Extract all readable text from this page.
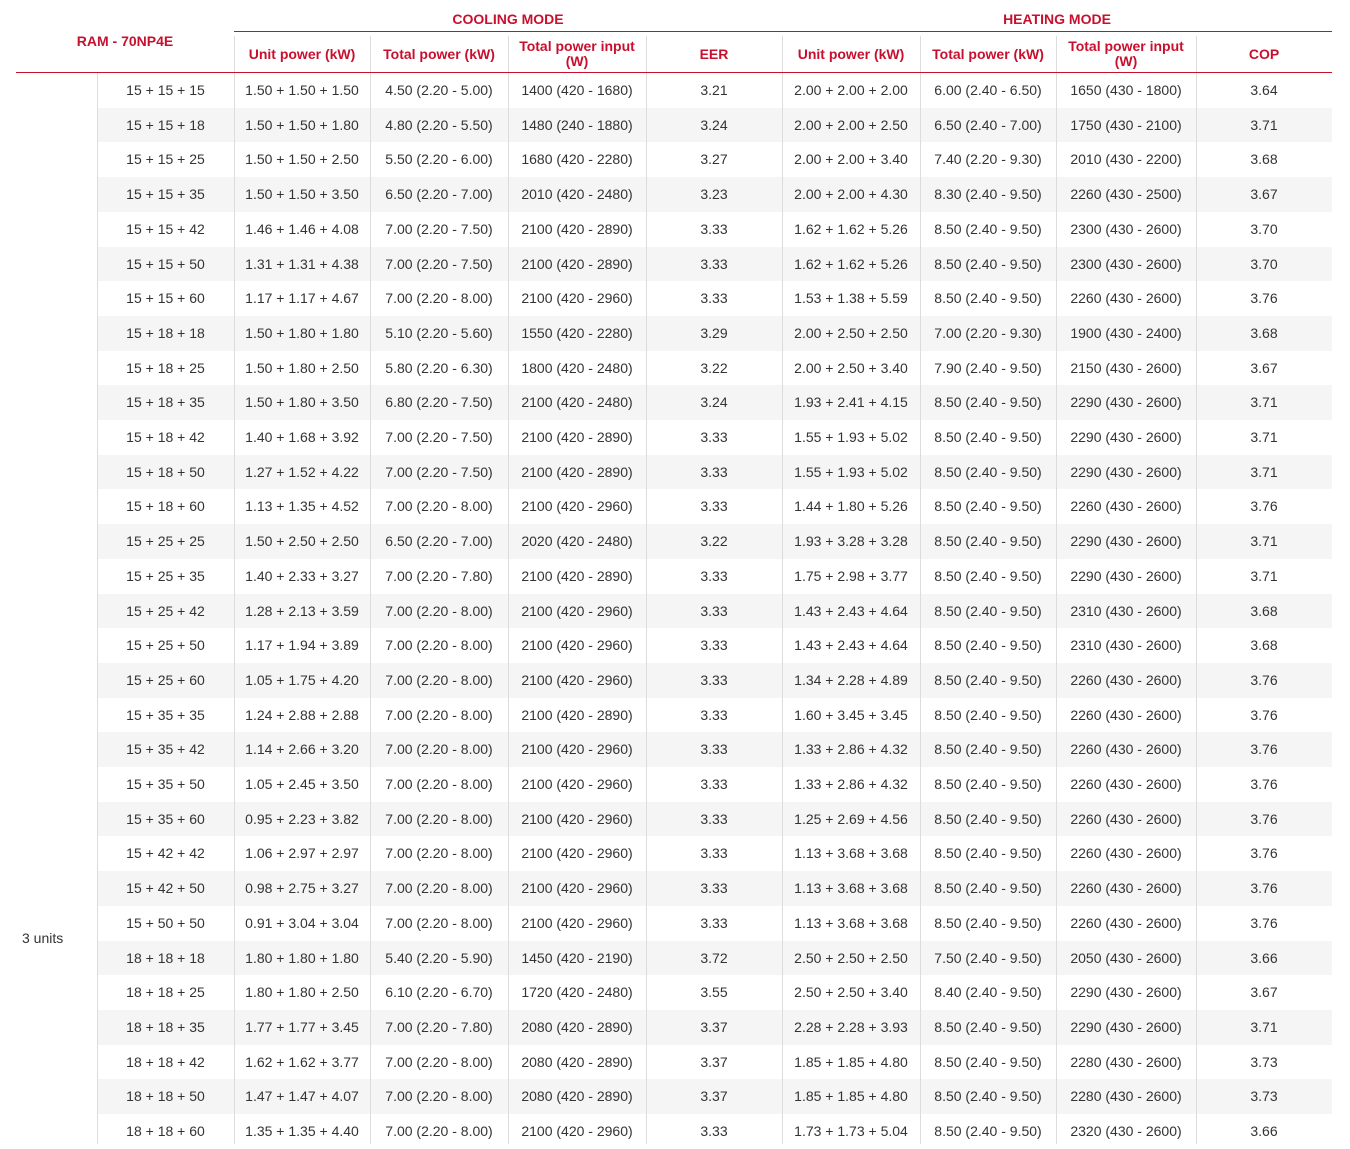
RAM - 70NP4E
COOLING MODE	HEATING MODE
Unit power (kW)	Total power (kW)	Total power input (W)	EER	Unit power (kW)	Total power (kW)	Total power input (W)	COP
15 + 15 + 15	1.50 + 1.50 + 1.50	4.50 (2.20 - 5.00)	1400 (420 - 1680)	3.21	2.00 + 2.00 + 2.00	6.00 (2.40 - 6.50)	1650 (430 - 1800)	3.64
15 + 15 + 18	1.50 + 1.50 + 1.80	4.80 (2.20 - 5.50)	1480 (240 - 1880)	3.24	2.00 + 2.00 + 2.50	6.50 (2.40 - 7.00)	1750 (430 - 2100)	3.71
15 + 15 + 25	1.50 + 1.50 + 2.50	5.50 (2.20 - 6.00)	1680 (420 - 2280)	3.27	2.00 + 2.00 + 3.40	7.40 (2.20 - 9.30)	2010 (430 - 2200)	3.68
15 + 15 + 35	1.50 + 1.50 + 3.50	6.50 (2.20 - 7.00)	2010 (420 - 2480)	3.23	2.00 + 2.00 + 4.30	8.30 (2.40 - 9.50)	2260 (430 - 2500)	3.67
15 + 15 + 42	1.46 + 1.46 + 4.08	7.00 (2.20 - 7.50)	2100 (420 - 2890)	3.33	1.62 + 1.62 + 5.26	8.50 (2.40 - 9.50)	2300 (430 - 2600)	3.70
15 + 15 + 50	1.31 + 1.31 + 4.38	7.00 (2.20 - 7.50)	2100 (420 - 2890)	3.33	1.62 + 1.62 + 5.26	8.50 (2.40 - 9.50)	2300 (430 - 2600)	3.70
15 + 15 + 60	1.17 + 1.17 + 4.67	7.00 (2.20 - 8.00)	2100 (420 - 2960)	3.33	1.53 + 1.38 + 5.59	8.50 (2.40 - 9.50)	2260 (430 - 2600)	3.76
15 + 18 + 18	1.50 + 1.80 + 1.80	5.10 (2.20 - 5.60)	1550 (420 - 2280)	3.29	2.00 + 2.50 + 2.50	7.00 (2.20 - 9.30)	1900 (430 - 2400)	3.68
15 + 18 + 25	1.50 + 1.80 + 2.50	5.80 (2.20 - 6.30)	1800 (420 - 2480)	3.22	2.00 + 2.50 + 3.40	7.90 (2.40 - 9.50)	2150 (430 - 2600)	3.67
15 + 18 + 35	1.50 + 1.80 + 3.50	6.80 (2.20 - 7.50)	2100 (420 - 2480)	3.24	1.93 + 2.41 + 4.15	8.50 (2.40 - 9.50)	2290 (430 - 2600)	3.71
15 + 18 + 42	1.40 + 1.68 + 3.92	7.00 (2.20 - 7.50)	2100 (420 - 2890)	3.33	1.55 + 1.93 + 5.02	8.50 (2.40 - 9.50)	2290 (430 - 2600)	3.71
15 + 18 + 50	1.27 + 1.52 + 4.22	7.00 (2.20 - 7.50)	2100 (420 - 2890)	3.33	1.55 + 1.93 + 5.02	8.50 (2.40 - 9.50)	2290 (430 - 2600)	3.71
15 + 18 + 60	1.13 + 1.35 + 4.52	7.00 (2.20 - 8.00)	2100 (420 - 2960)	3.33	1.44 + 1.80 + 5.26	8.50 (2.40 - 9.50)	2260 (430 - 2600)	3.76
15 + 25 + 25	1.50 + 2.50 + 2.50	6.50 (2.20 - 7.00)	2020 (420 - 2480)	3.22	1.93 + 3.28 + 3.28	8.50 (2.40 - 9.50)	2290 (430 - 2600)	3.71
15 + 25 + 35	1.40 + 2.33 + 3.27	7.00 (2.20 - 7.80)	2100 (420 - 2890)	3.33	1.75 + 2.98 + 3.77	8.50 (2.40 - 9.50)	2290 (430 - 2600)	3.71
15 + 25 + 42	1.28 + 2.13 + 3.59	7.00 (2.20 - 8.00)	2100 (420 - 2960)	3.33	1.43 + 2.43 + 4.64	8.50 (2.40 - 9.50)	2310 (430 - 2600)	3.68
15 + 25 + 50	1.17 + 1.94 + 3.89	7.00 (2.20 - 8.00)	2100 (420 - 2960)	3.33	1.43 + 2.43 + 4.64	8.50 (2.40 - 9.50)	2310 (430 - 2600)	3.68
15 + 25 + 60	1.05 + 1.75 + 4.20	7.00 (2.20 - 8.00)	2100 (420 - 2960)	3.33	1.34 + 2.28 + 4.89	8.50 (2.40 - 9.50)	2260 (430 - 2600)	3.76
15 + 35 + 35	1.24 + 2.88 + 2.88	7.00 (2.20 - 8.00)	2100 (420 - 2890)	3.33	1.60 + 3.45 + 3.45	8.50 (2.40 - 9.50)	2260 (430 - 2600)	3.76
15 + 35 + 42	1.14 + 2.66 + 3.20	7.00 (2.20 - 8.00)	2100 (420 - 2960)	3.33	1.33 + 2.86 + 4.32	8.50 (2.40 - 9.50)	2260 (430 - 2600)	3.76
15 + 35 + 50	1.05 + 2.45 + 3.50	7.00 (2.20 - 8.00)	2100 (420 - 2960)	3.33	1.33 + 2.86 + 4.32	8.50 (2.40 - 9.50)	2260 (430 - 2600)	3.76
15 + 35 + 60	0.95 + 2.23 + 3.82	7.00 (2.20 - 8.00)	2100 (420 - 2960)	3.33	1.25 + 2.69 + 4.56	8.50 (2.40 - 9.50)	2260 (430 - 2600)	3.76
15 + 42 + 42	1.06 + 2.97 + 2.97	7.00 (2.20 - 8.00)	2100 (420 - 2960)	3.33	1.13 + 3.68 + 3.68	8.50 (2.40 - 9.50)	2260 (430 - 2600)	3.76
15 + 42 + 50	0.98 + 2.75 + 3.27	7.00 (2.20 - 8.00)	2100 (420 - 2960)	3.33	1.13 + 3.68 + 3.68	8.50 (2.40 - 9.50)	2260 (430 - 2600)	3.76
15 + 50 + 50	0.91 + 3.04 + 3.04	7.00 (2.20 - 8.00)	2100 (420 - 2960)	3.33	1.13 + 3.68 + 3.68	8.50 (2.40 - 9.50)	2260 (430 - 2600)	3.76
18 + 18 + 18	1.80 + 1.80 + 1.80	5.40 (2.20 - 5.90)	1450 (420 - 2190)	3.72	2.50 + 2.50 + 2.50	7.50 (2.40 - 9.50)	2050 (430 - 2600)	3.66
18 + 18 + 25	1.80 + 1.80 + 2.50	6.10 (2.20 - 6.70)	1720 (420 - 2480)	3.55	2.50 + 2.50 + 3.40	8.40 (2.40 - 9.50)	2290 (430 - 2600)	3.67
18 + 18 + 35	1.77 + 1.77 + 3.45	7.00 (2.20 - 7.80)	2080 (420 - 2890)	3.37	2.28 + 2.28 + 3.93	8.50 (2.40 - 9.50)	2290 (430 - 2600)	3.71
18 + 18 + 42	1.62 + 1.62 + 3.77	7.00 (2.20 - 8.00)	2080 (420 - 2890)	3.37	1.85 + 1.85 + 4.80	8.50 (2.40 - 9.50)	2280 (430 - 2600)	3.73
18 + 18 + 50	1.47 + 1.47 + 4.07	7.00 (2.20 - 8.00)	2080 (420 - 2890)	3.37	1.85 + 1.85 + 4.80	8.50 (2.40 - 9.50)	2280 (430 - 2600)	3.73
18 + 18 + 60	1.35 + 1.35 + 4.40	7.00 (2.20 - 8.00)	2100 (420 - 2960)	3.33	1.73 + 1.73 + 5.04	8.50 (2.40 - 9.50)	2320 (430 - 2600)	3.66
3 units
